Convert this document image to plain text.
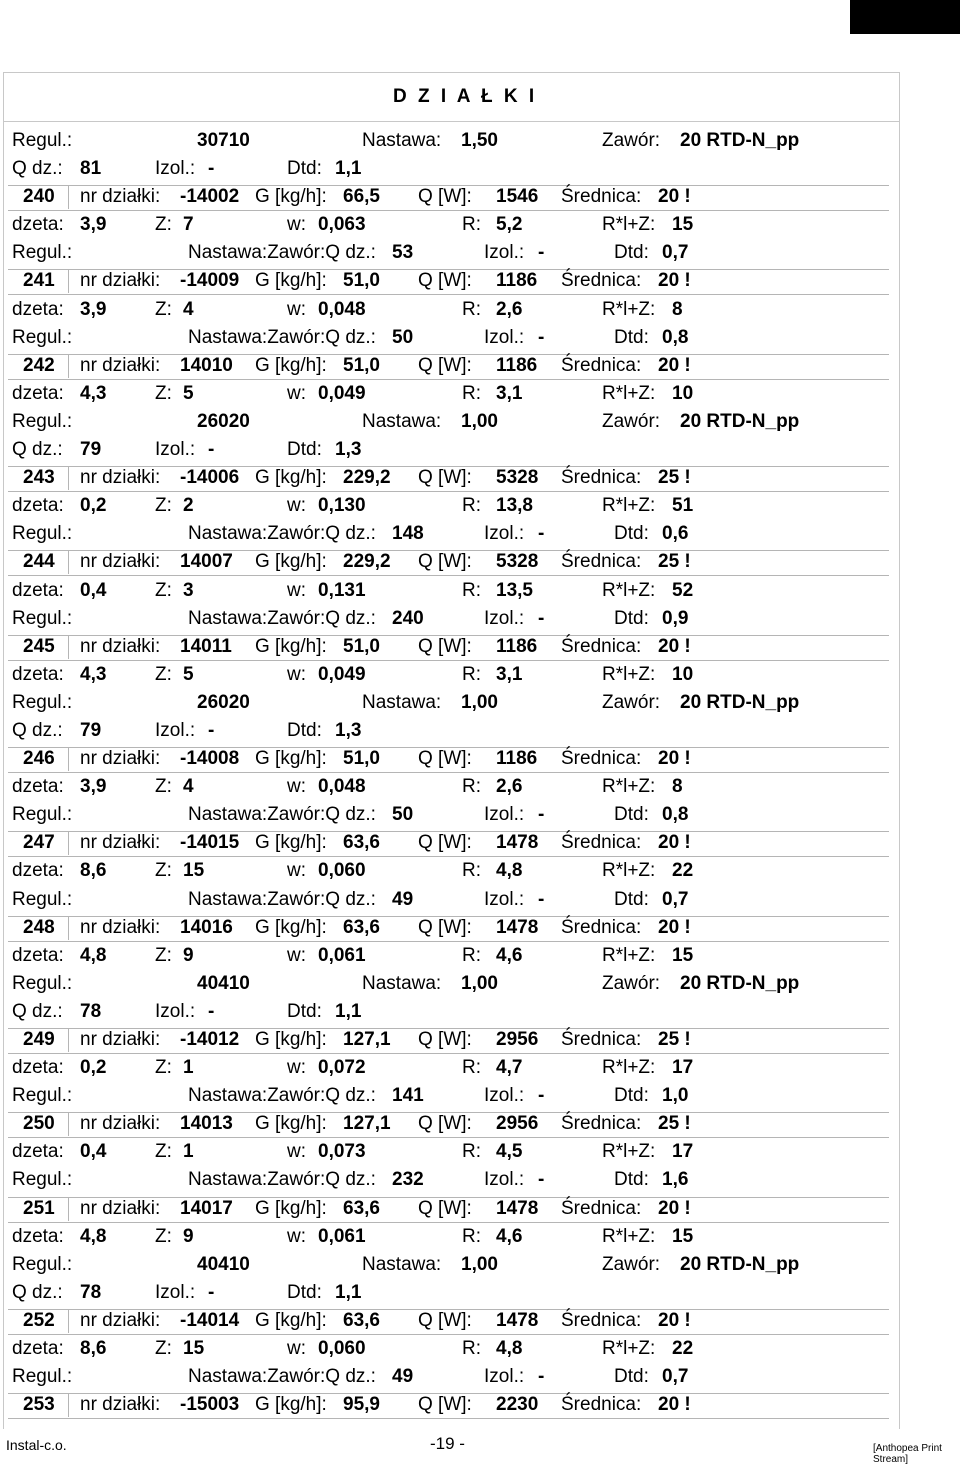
D Z I A Ł K I
Regul.:	30710	Nastawa: 1,50	Zawór: 20 RTD-N_pp
Q dz.: 81	Izol.: -	Dtd: 1,1
240 nr działki: -14002 G [kg/h]: 66,5 Q [W]: 1546 Średnica: 20 !
dzeta: 3,9	Z: 7	w: 0,063	R: 5,2	R*l+Z: 15
Regul.:	Nastawa:Zawór:Q dz.: 53	Izol.: -	Dtd: 0,7
241 nr działki: -14009 G [kg/h]: 51,0 Q [W]: 1186 Średnica: 20 !
dzeta: 3,9	Z: 4	w: 0,048	R: 2,6	R*l+Z: 8
Regul.:	Nastawa:Zawór:Q dz.: 50	Izol.: -	Dtd: 0,8
242 nr działki: 14010 G [kg/h]: 51,0 Q [W]: 1186 Średnica: 20 !
dzeta: 4,3	Z: 5	w: 0,049	R: 3,1	R*l+Z: 10
Regul.:	26020	Nastawa: 1,00	Zawór: 20 RTD-N_pp
Q dz.: 79	Izol.: -	Dtd: 1,3
243 nr działki: -14006 G [kg/h]: 229,2 Q [W]: 5328 Średnica: 25 !
dzeta: 0,2	Z: 2	w: 0,130	R: 13,8	R*l+Z: 51
Regul.:	Nastawa:Zawór:Q dz.: 148	Izol.: -	Dtd: 0,6
244 nr działki: 14007 G [kg/h]: 229,2 Q [W]: 5328 Średnica: 25 !
dzeta: 0,4	Z: 3	w: 0,131	R: 13,5	R*l+Z: 52
Regul.:	Nastawa:Zawór:Q dz.: 240	Izol.: -	Dtd: 0,9
245 nr działki: 14011 G [kg/h]: 51,0 Q [W]: 1186 Średnica: 20 !
dzeta: 4,3	Z: 5	w: 0,049	R: 3,1	R*l+Z: 10
Regul.:	26020	Nastawa: 1,00	Zawór: 20 RTD-N_pp
Q dz.: 79	Izol.: -	Dtd: 1,3
246 nr działki: -14008 G [kg/h]: 51,0 Q [W]: 1186 Średnica: 20 !
dzeta: 3,9	Z: 4	w: 0,048	R: 2,6	R*l+Z: 8
Regul.:	Nastawa:Zawór:Q dz.: 50	Izol.: -	Dtd: 0,8
247 nr działki: -14015 G [kg/h]: 63,6 Q [W]: 1478 Średnica: 20 !
dzeta: 8,6	Z: 15	w: 0,060	R: 4,8	R*l+Z: 22
Regul.:	Nastawa:Zawór:Q dz.: 49	Izol.: -	Dtd: 0,7
248 nr działki: 14016 G [kg/h]: 63,6 Q [W]: 1478 Średnica: 20 !
dzeta: 4,8	Z: 9	w: 0,061	R: 4,6	R*l+Z: 15
Regul.:	40410	Nastawa: 1,00	Zawór: 20 RTD-N_pp
Q dz.: 78	Izol.: -	Dtd: 1,1
249 nr działki: -14012 G [kg/h]: 127,1 Q [W]: 2956 Średnica: 25 !
dzeta: 0,2	Z: 1	w: 0,072	R: 4,7	R*l+Z: 17
Regul.:	Nastawa:Zawór:Q dz.: 141	Izol.: -	Dtd: 1,0
250 nr działki: 14013 G [kg/h]: 127,1 Q [W]: 2956 Średnica: 25 !
dzeta: 0,4	Z: 1	w: 0,073	R: 4,5	R*l+Z: 17
Regul.:	Nastawa:Zawór:Q dz.: 232	Izol.: -	Dtd: 1,6
251 nr działki: 14017 G [kg/h]: 63,6 Q [W]: 1478 Średnica: 20 !
dzeta: 4,8	Z: 9	w: 0,061	R: 4,6	R*l+Z: 15
Regul.:	40410	Nastawa: 1,00	Zawór: 20 RTD-N_pp
Q dz.: 78	Izol.: -	Dtd: 1,1
252 nr działki: -14014 G [kg/h]: 63,6 Q [W]: 1478 Średnica: 20 !
dzeta: 8,6	Z: 15	w: 0,060	R: 4,8	R*l+Z: 22
Regul.:	Nastawa:Zawór:Q dz.: 49	Izol.: -	Dtd: 0,7
253 nr działki: -15003 G [kg/h]: 95,9 Q [W]: 2230 Średnica: 20 !
Instal-c.o.	-19 -	[Anthopea Print Stream]
